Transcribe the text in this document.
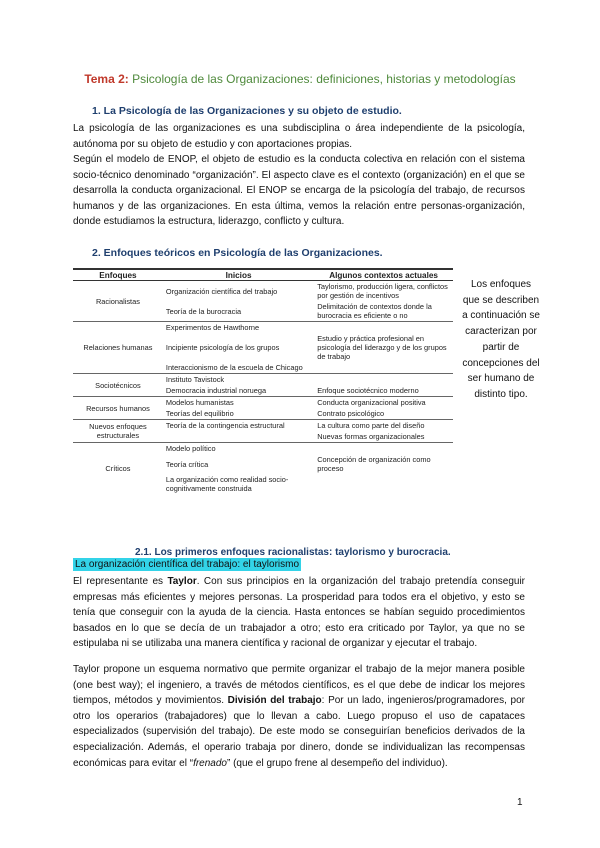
Tema 2: Psicología de las Organizaciones: definiciones, historias y metodologías
1. La Psicología de las Organizaciones y su objeto de estudio.
La psicología de las organizaciones es una subdisciplina o área independiente de la psicología, autónoma por su objeto de estudio y con aportaciones propias.
Según el modelo de ENOP, el objeto de estudio es la conducta colectiva en relación con el sistema socio-técnico denominado “organización”. El aspecto clave es el contexto (organización) en el que se desarrolla la conducta organizacional. El ENOP se encarga de la psicología del trabajo, de recursos humanos y de las organizaciones. En esta última, vemos la relación entre personas-organización, donde estudiamos la estructura, liderazgo, conflicto y cultura.
2. Enfoques teóricos en Psicología de las Organizaciones.
Enfoques	Inicios	Algunos contextos actuales
Racionalistas	Organización científica del trabajo	Taylorismo, producción ligera, conflictos por gestión de incentivos
	Teoría de la burocracia	Delimitación de contextos donde la burocracia es eficiente o no
Relaciones humanas	Experimentos de Hawthorne	
	Incipiente psicología de los grupos	Estudio y práctica profesional en psicología del liderazgo y de los grupos de trabajo
	Interaccionismo de la escuela de Chicago	
Sociotécnicos	Instituto Tavistock	
	Democracia industrial noruega	Enfoque sociotécnico moderno
Recursos humanos	Modelos humanistas	Conducta organizacional positiva
	Teorías del equilibrio	Contrato psicológico
Nuevos enfoques estructurales	Teoría de la contingencia estructural	La cultura como parte del diseño
		Nuevas formas organizacionales
Críticos	Modelo político	
	Teoría crítica	Concepción de organización como proceso
	La organización como realidad socio-cognitivamente construida	
Los enfoques que se describen a continuación se caracterizan por partir de concepciones del ser humano de distinto tipo.
2.1. Los primeros enfoques racionalistas: taylorismo y burocracia.
La organización científica del trabajo: el taylorismo
El representante es Taylor. Con sus principios en la organización del trabajo pretendía conseguir empresas más eficientes y mejores personas. La prosperidad para todos era el objetivo, y esto se tenía que conseguir con la ayuda de la ciencia. Hasta entonces se habían seguido procedimientos basados en lo que se decía de un trabajador a otro; esto era criticado por Taylor, ya que no se estipulaba ni se utilizaba una manera científica y racional de organizar y ejecutar el trabajo.
Taylor propone un esquema normativo que permite organizar el trabajo de la mejor manera posible (one best way); el ingeniero, a través de métodos científicos, es el que debe de indicar los mejores tiempos, métodos y movimientos. División del trabajo: Por un lado, ingenieros/programadores, por otro los operarios (trabajadores) que lo llevan a cabo. Luego propuso el uso de capataces especializados (supervisión del trabajo). De este modo se conseguirían beneficios derivados de la especialización. Además, el operario trabaja por dinero, donde se individualizan las recompensas económicas para evitar el “frenado” (que el grupo frene al desempeño del individuo).
1
